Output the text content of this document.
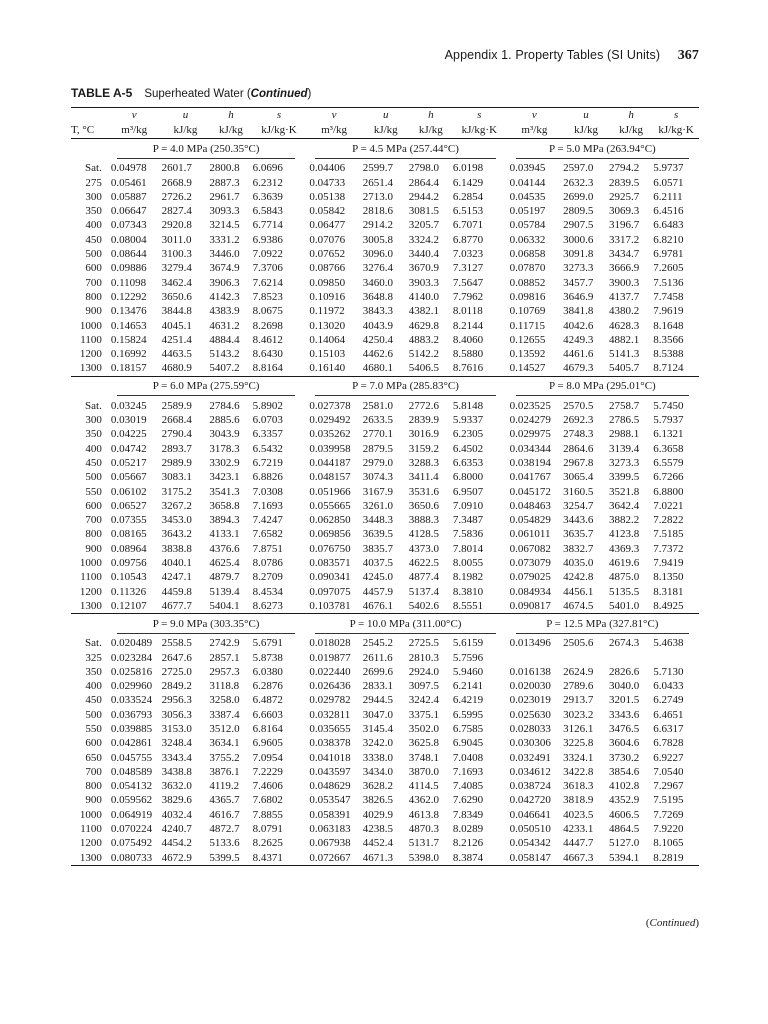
Appendix 1. Property Tables (SI Units) 367
TABLE A-5 Superheated Water (Continued)
	v	u	h	s	v	u	h	s	v	u	h	s
T, °C	m³/kg	kJ/kg	kJ/kg	kJ/kg·K	m³/kg	kJ/kg	kJ/kg	kJ/kg·K	m³/kg	kJ/kg	kJ/kg	kJ/kg·K

	P = 4.0 MPa (250.35°C)				P = 4.5 MPa (257.44°C)				P = 5.0 MPa (263.94°C)			

Sat.	0.04978	2601.7	2800.8	6.0696	0.04406	2599.7	2798.0	6.0198	0.03945	2597.0	2794.2	5.9737
275	0.05461	2668.9	2887.3	6.2312	0.04733	2651.4	2864.4	6.1429	0.04144	2632.3	2839.5	6.0571
300	0.05887	2726.2	2961.7	6.3639	0.05138	2713.0	2944.2	6.2854	0.04535	2699.0	2925.7	6.2111
350	0.06647	2827.4	3093.3	6.5843	0.05842	2818.6	3081.5	6.5153	0.05197	2809.5	3069.3	6.4516
400	0.07343	2920.8	3214.5	6.7714	0.06477	2914.2	3205.7	6.7071	0.05784	2907.5	3196.7	6.6483
450	0.08004	3011.0	3331.2	6.9386	0.07076	3005.8	3324.2	6.8770	0.06332	3000.6	3317.2	6.8210
500	0.08644	3100.3	3446.0	7.0922	0.07652	3096.0	3440.4	7.0323	0.06858	3091.8	3434.7	6.9781
600	0.09886	3279.4	3674.9	7.3706	0.08766	3276.4	3670.9	7.3127	0.07870	3273.3	3666.9	7.2605
700	0.11098	3462.4	3906.3	7.6214	0.09850	3460.0	3903.3	7.5647	0.08852	3457.7	3900.3	7.5136
800	0.12292	3650.6	4142.3	7.8523	0.10916	3648.8	4140.0	7.7962	0.09816	3646.9	4137.7	7.7458
900	0.13476	3844.8	4383.9	8.0675	0.11972	3843.3	4382.1	8.0118	0.10769	3841.8	4380.2	7.9619
1000	0.14653	4045.1	4631.2	8.2698	0.13020	4043.9	4629.8	8.2144	0.11715	4042.6	4628.3	8.1648
1100	0.15824	4251.4	4884.4	8.4612	0.14064	4250.4	4883.2	8.4060	0.12655	4249.3	4882.1	8.3566
1200	0.16992	4463.5	5143.2	8.6430	0.15103	4462.6	5142.2	8.5880	0.13592	4461.6	5141.3	8.5388
1300	0.18157	4680.9	5407.2	8.8164	0.16140	4680.1	5406.5	8.7616	0.14527	4679.3	5405.7	8.7124

	P = 6.0 MPa (275.59°C)				P = 7.0 MPa (285.83°C)				P = 8.0 MPa (295.01°C)			

Sat.	0.03245	2589.9	2784.6	5.8902	0.027378	2581.0	2772.6	5.8148	0.023525	2570.5	2758.7	5.7450
300	0.03019	2668.4	2885.6	6.0703	0.029492	2633.5	2839.9	5.9337	0.024279	2692.3	2786.5	5.7937
350	0.04225	2790.4	3043.9	6.3357	0.035262	2770.1	3016.9	6.2305	0.029975	2748.3	2988.1	6.1321
400	0.04742	2893.7	3178.3	6.5432	0.039958	2879.5	3159.2	6.4502	0.034344	2864.6	3139.4	6.3658
450	0.05217	2989.9	3302.9	6.7219	0.044187	2979.0	3288.3	6.6353	0.038194	2967.8	3273.3	6.5579
500	0.05667	3083.1	3423.1	6.8826	0.048157	3074.3	3411.4	6.8000	0.041767	3065.4	3399.5	6.7266
550	0.06102	3175.2	3541.3	7.0308	0.051966	3167.9	3531.6	6.9507	0.045172	3160.5	3521.8	6.8800
600	0.06527	3267.2	3658.8	7.1693	0.055665	3261.0	3650.6	7.0910	0.048463	3254.7	3642.4	7.0221
700	0.07355	3453.0	3894.3	7.4247	0.062850	3448.3	3888.3	7.3487	0.054829	3443.6	3882.2	7.2822
800	0.08165	3643.2	4133.1	7.6582	0.069856	3639.5	4128.5	7.5836	0.061011	3635.7	4123.8	7.5185
900	0.08964	3838.8	4376.6	7.8751	0.076750	3835.7	4373.0	7.8014	0.067082	3832.7	4369.3	7.7372
1000	0.09756	4040.1	4625.4	8.0786	0.083571	4037.5	4622.5	8.0055	0.073079	4035.0	4619.6	7.9419
1100	0.10543	4247.1	4879.7	8.2709	0.090341	4245.0	4877.4	8.1982	0.079025	4242.8	4875.0	8.1350
1200	0.11326	4459.8	5139.4	8.4534	0.097075	4457.9	5137.4	8.3810	0.084934	4456.1	5135.5	8.3181
1300	0.12107	4677.7	5404.1	8.6273	0.103781	4676.1	5402.6	8.5551	0.090817	4674.5	5401.0	8.4925

	P = 9.0 MPa (303.35°C)				P = 10.0 MPa (311.00°C)				P = 12.5 MPa (327.81°C)			

Sat.	0.020489	2558.5	2742.9	5.6791	0.018028	2545.2	2725.5	5.6159	0.013496	2505.6	2674.3	5.4638
325	0.023284	2647.6	2857.1	5.8738	0.019877	2611.6	2810.3	5.7596				
350	0.025816	2725.0	2957.3	6.0380	0.022440	2699.6	2924.0	5.9460	0.016138	2624.9	2826.6	5.7130
400	0.029960	2849.2	3118.8	6.2876	0.026436	2833.1	3097.5	6.2141	0.020030	2789.6	3040.0	6.0433
450	0.033524	2956.3	3258.0	6.4872	0.029782	2944.5	3242.4	6.4219	0.023019	2913.7	3201.5	6.2749
500	0.036793	3056.3	3387.4	6.6603	0.032811	3047.0	3375.1	6.5995	0.025630	3023.2	3343.6	6.4651
550	0.039885	3153.0	3512.0	6.8164	0.035655	3145.4	3502.0	6.7585	0.028033	3126.1	3476.5	6.6317
600	0.042861	3248.4	3634.1	6.9605	0.038378	3242.0	3625.8	6.9045	0.030306	3225.8	3604.6	6.7828
650	0.045755	3343.4	3755.2	7.0954	0.041018	3338.0	3748.1	7.0408	0.032491	3324.1	3730.2	6.9227
700	0.048589	3438.8	3876.1	7.2229	0.043597	3434.0	3870.0	7.1693	0.034612	3422.8	3854.6	7.0540
800	0.054132	3632.0	4119.2	7.4606	0.048629	3628.2	4114.5	7.4085	0.038724	3618.3	4102.8	7.2967
900	0.059562	3829.6	4365.7	7.6802	0.053547	3826.5	4362.0	7.6290	0.042720	3818.9	4352.9	7.5195
1000	0.064919	4032.4	4616.7	7.8855	0.058391	4029.9	4613.8	7.8349	0.046641	4023.5	4606.5	7.7269
1100	0.070224	4240.7	4872.7	8.0791	0.063183	4238.5	4870.3	8.0289	0.050510	4233.1	4864.5	7.9220
1200	0.075492	4454.2	5133.6	8.2625	0.067938	4452.4	5131.7	8.2126	0.054342	4447.7	5127.0	8.1065
1300	0.080733	4672.9	5399.5	8.4371	0.072667	4671.3	5398.0	8.3874	0.058147	4667.3	5394.1	8.2819
(Continued)
